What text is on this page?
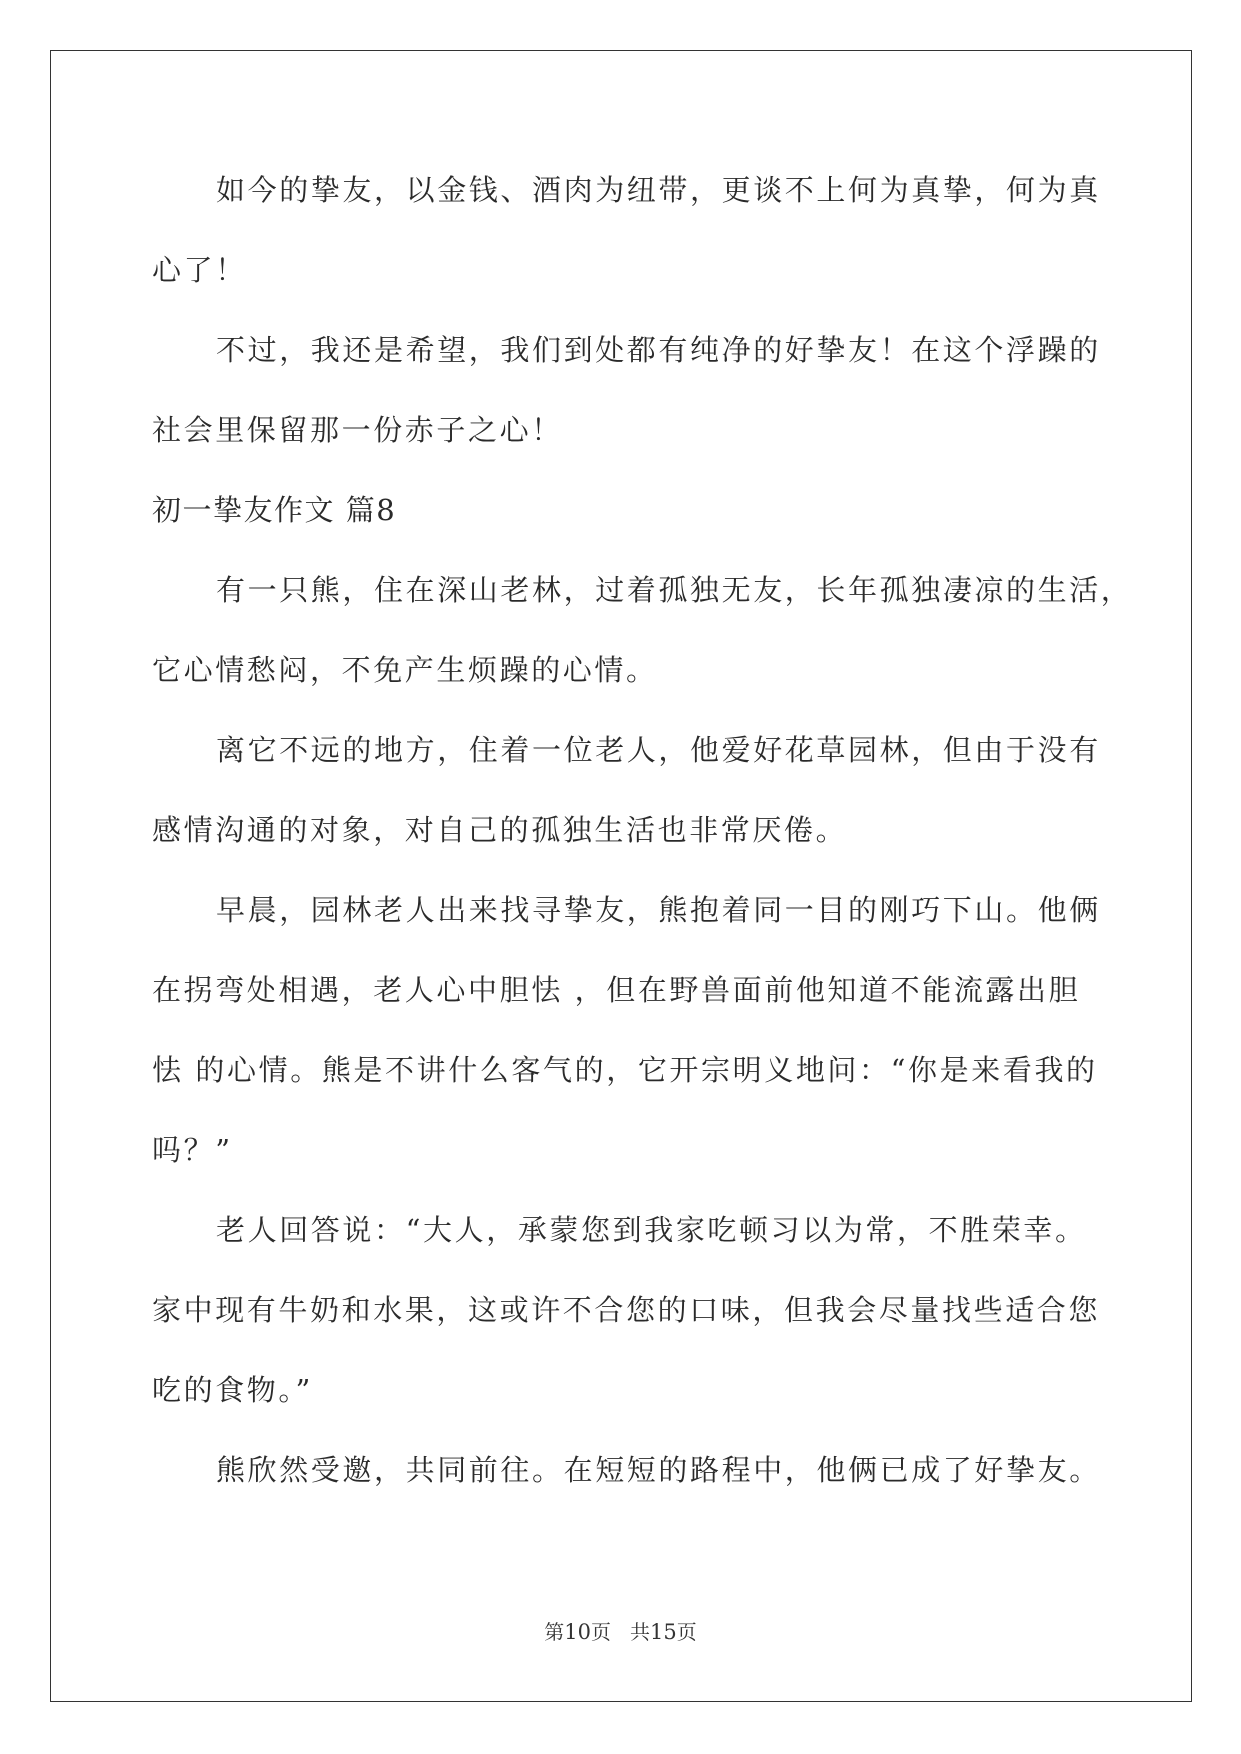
如今的挚友，以金钱、酒肉为纽带，更谈不上何为真挚，何为真
心了！
不过，我还是希望，我们到处都有纯净的好挚友！在这个浮躁的
社会里保留那一份赤子之心！
初一挚友作文 篇8
有一只熊，住在深山老林，过着孤独无友，长年孤独凄凉的生活，
它心情愁闷，不免产生烦躁的心情。
离它不远的地方，住着一位老人，他爱好花草园林，但由于没有
感情沟通的对象，对自己的孤独生活也非常厌倦。
早晨，园林老人出来找寻挚友，熊抱着同一目的刚巧下山。他俩
在拐弯处相遇，老人心中胆怯 ，但在野兽面前他知道不能流露出胆
怯 的心情。熊是不讲什么客气的，它开宗明义地问：“你是来看我的
吗？”
老人回答说：“大人，承蒙您到我家吃顿习以为常，不胜荣幸。
家中现有牛奶和水果，这或许不合您的口味，但我会尽量找些适合您
吃的食物。”
熊欣然受邀，共同前往。在短短的路程中，他俩已成了好挚友。
第10页   共15页
